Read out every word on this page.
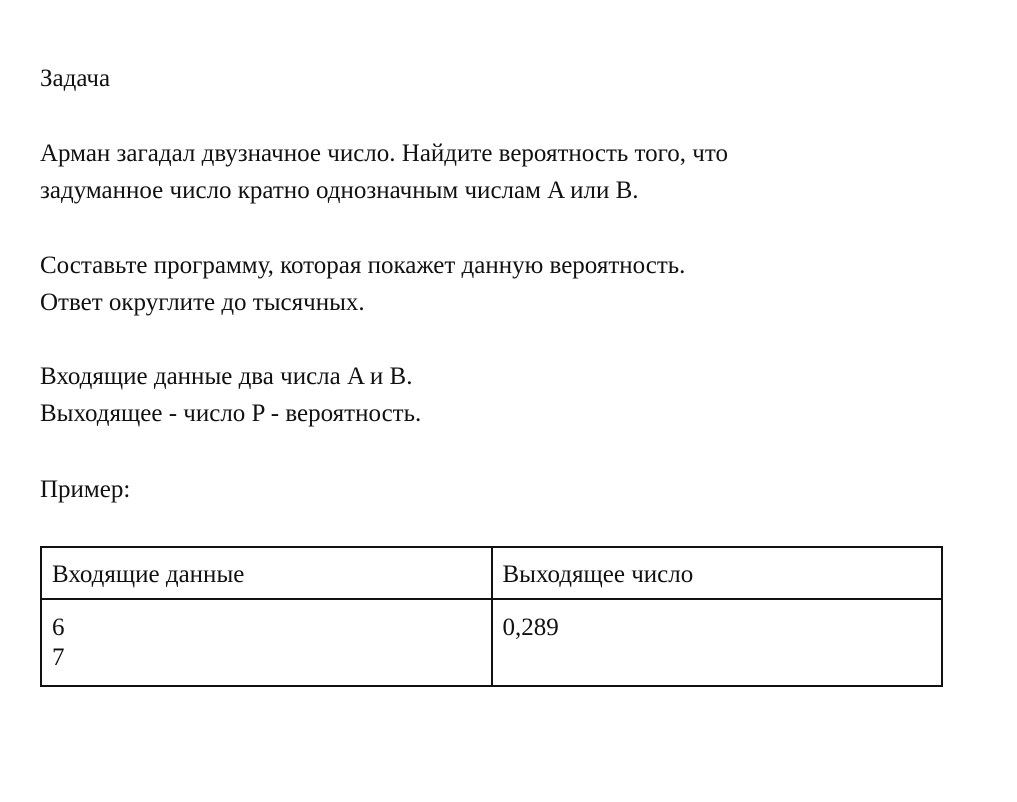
Задача
Арман загадал двузначное число. Найдите вероятность того, что
задуманное число кратно однозначным числам A или B.
Составьте программу, которая покажет данную вероятность.
Ответ округлите до тысячных.
Входящие данные два числа A и B.
Выходящее - число P - вероятность.
Пример:
Входящие данные	Выходящее число

6
7	0,289
